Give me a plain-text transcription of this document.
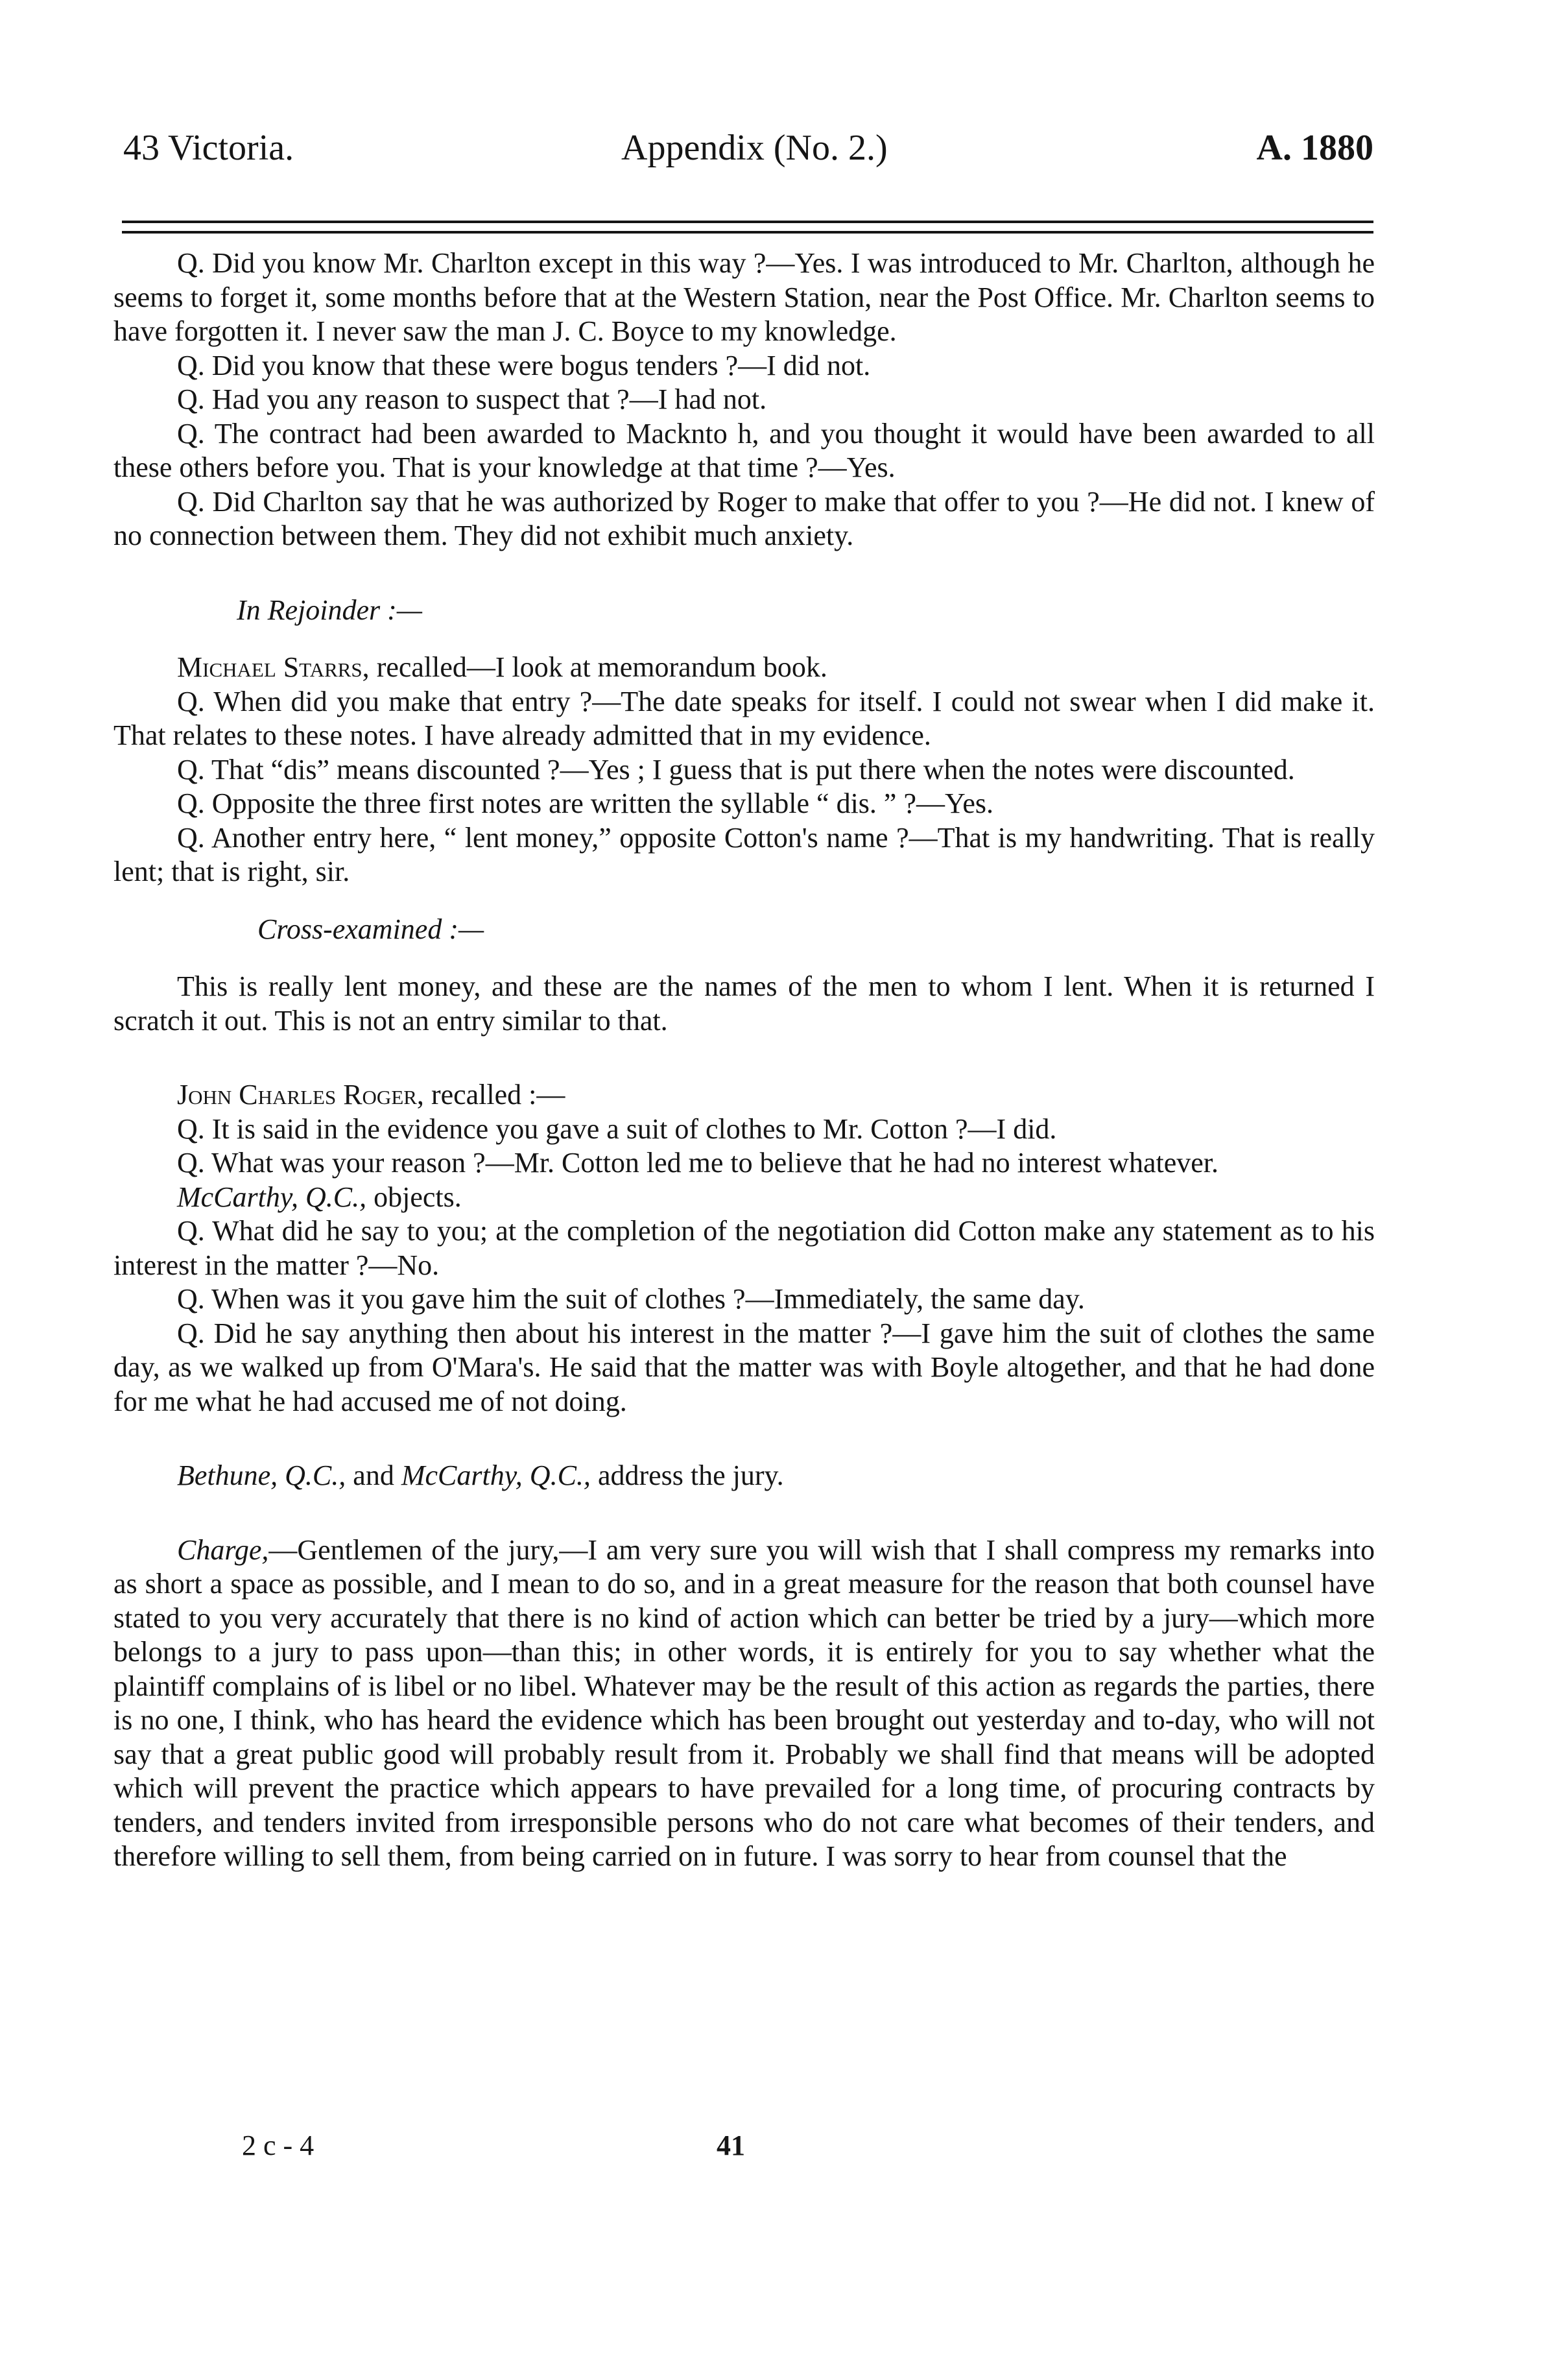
43 Victoria.	Appendix (No. 2.)	A. 1880

Q. Did you know Mr. Charlton except in this way ?—Yes. I was introduced to Mr. Charlton, although he seems to forget it, some months before that at the Western Station, near the Post Office. Mr. Charlton seems to have forgotten it. I never saw the man J. C. Boyce to my knowledge.

Q. Did you know that these were bogus tenders ?—I did not.

Q. Had you any reason to suspect that ?—I had not.

Q. The contract had been awarded to Macknto h, and you thought it would have been awarded to all these others before you. That is your knowledge at that time ?—Yes.

Q. Did Charlton say that he was authorized by Roger to make that offer to you ?—He did not. I knew of no connection between them. They did not exhibit much anxiety.

In Rejoinder :—

Michael Starrs, recalled—I look at memorandum book.

Q. When did you make that entry ?—The date speaks for itself. I could not swear when I did make it. That relates to these notes. I have already admitted that in my evidence.

Q. That “dis” means discounted ?—Yes ; I guess that is put there when the notes were discounted.

Q. Opposite the three first notes are written the syllable “ dis. ” ?—Yes.

Q. Another entry here, “ lent money,” opposite Cotton's name ?—That is my handwriting. That is really lent; that is right, sir.

Cross-examined :—

This is really lent money, and these are the names of the men to whom I lent. When it is returned I scratch it out. This is not an entry similar to that.

John Charles Roger, recalled :—

Q. It is said in the evidence you gave a suit of clothes to Mr. Cotton ?—I did.

Q. What was your reason ?—Mr. Cotton led me to believe that he had no interest whatever.

McCarthy, Q.C., objects.

Q. What did he say to you; at the completion of the negotiation did Cotton make any statement as to his interest in the matter ?—No.

Q. When was it you gave him the suit of clothes ?—Immediately, the same day.

Q. Did he say anything then about his interest in the matter ?—I gave him the suit of clothes the same day, as we walked up from O'Mara's. He said that the matter was with Boyle altogether, and that he had done for me what he had accused me of not doing.

Bethune, Q.C., and McCarthy, Q.C., address the jury.

Charge,—Gentlemen of the jury,—I am very sure you will wish that I shall compress my remarks into as short a space as possible, and I mean to do so, and in a great measure for the reason that both counsel have stated to you very accurately that there is no kind of action which can better be tried by a jury—which more belongs to a jury to pass upon—than this; in other words, it is entirely for you to say whether what the plaintiff complains of is libel or no libel. Whatever may be the result of this action as regards the parties, there is no one, I think, who has heard the evidence which has been brought out yesterday and to-day, who will not say that a great public good will probably result from it. Probably we shall find that means will be adopted which will prevent the practice which appears to have prevailed for a long time, of procuring contracts by tenders, and tenders invited from irresponsible persons who do not care what becomes of their tenders, and therefore willing to sell them, from being carried on in future. I was sorry to hear from counsel that the

2 c - 4	41
